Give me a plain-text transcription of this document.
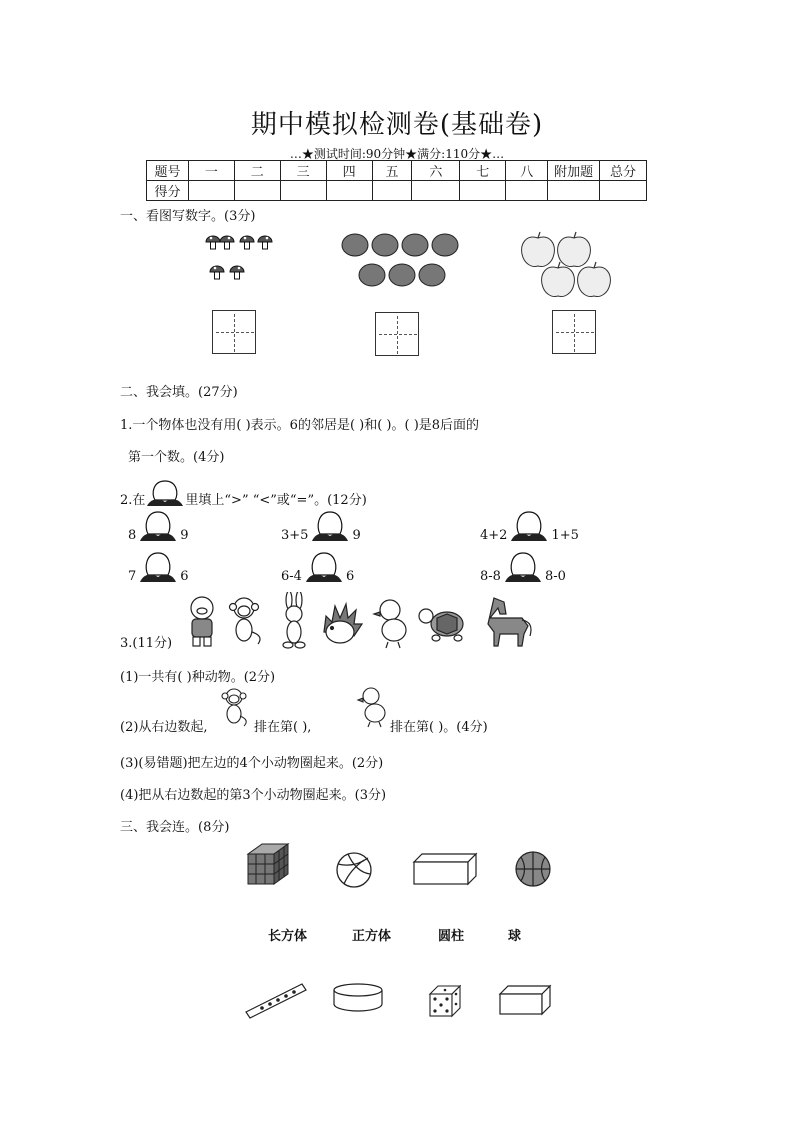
期中模拟检测卷(基础卷)
…★测试时间:90分钟★满分:110分★…
题号	一	二	三	四	五	六	七	八	附加题	总分
得分										
一、看图写数字。(3分)
二、我会填。(27分)
1.一个物体也没有用( )表示。6的邻居是( )和( )。( )是8后面的
第一个数。(4分)
2.在	里填上“>” “<”或“=”。(12分)
8	9	3+5	9	4+2	1+5
7	6	6-4	6	8-8	8-0
3.(11分)
(1)一共有( )种动物。(2分)
(2)从右边数起,	排在第( ),	排在第( )。(4分)
(3)(易错题)把左边的4个小动物圈起来。(2分)
(4)把从右边数起的第3个小动物圈起来。(3分)
三、我会连。(8分)
长方体	正方体	圆柱	球
